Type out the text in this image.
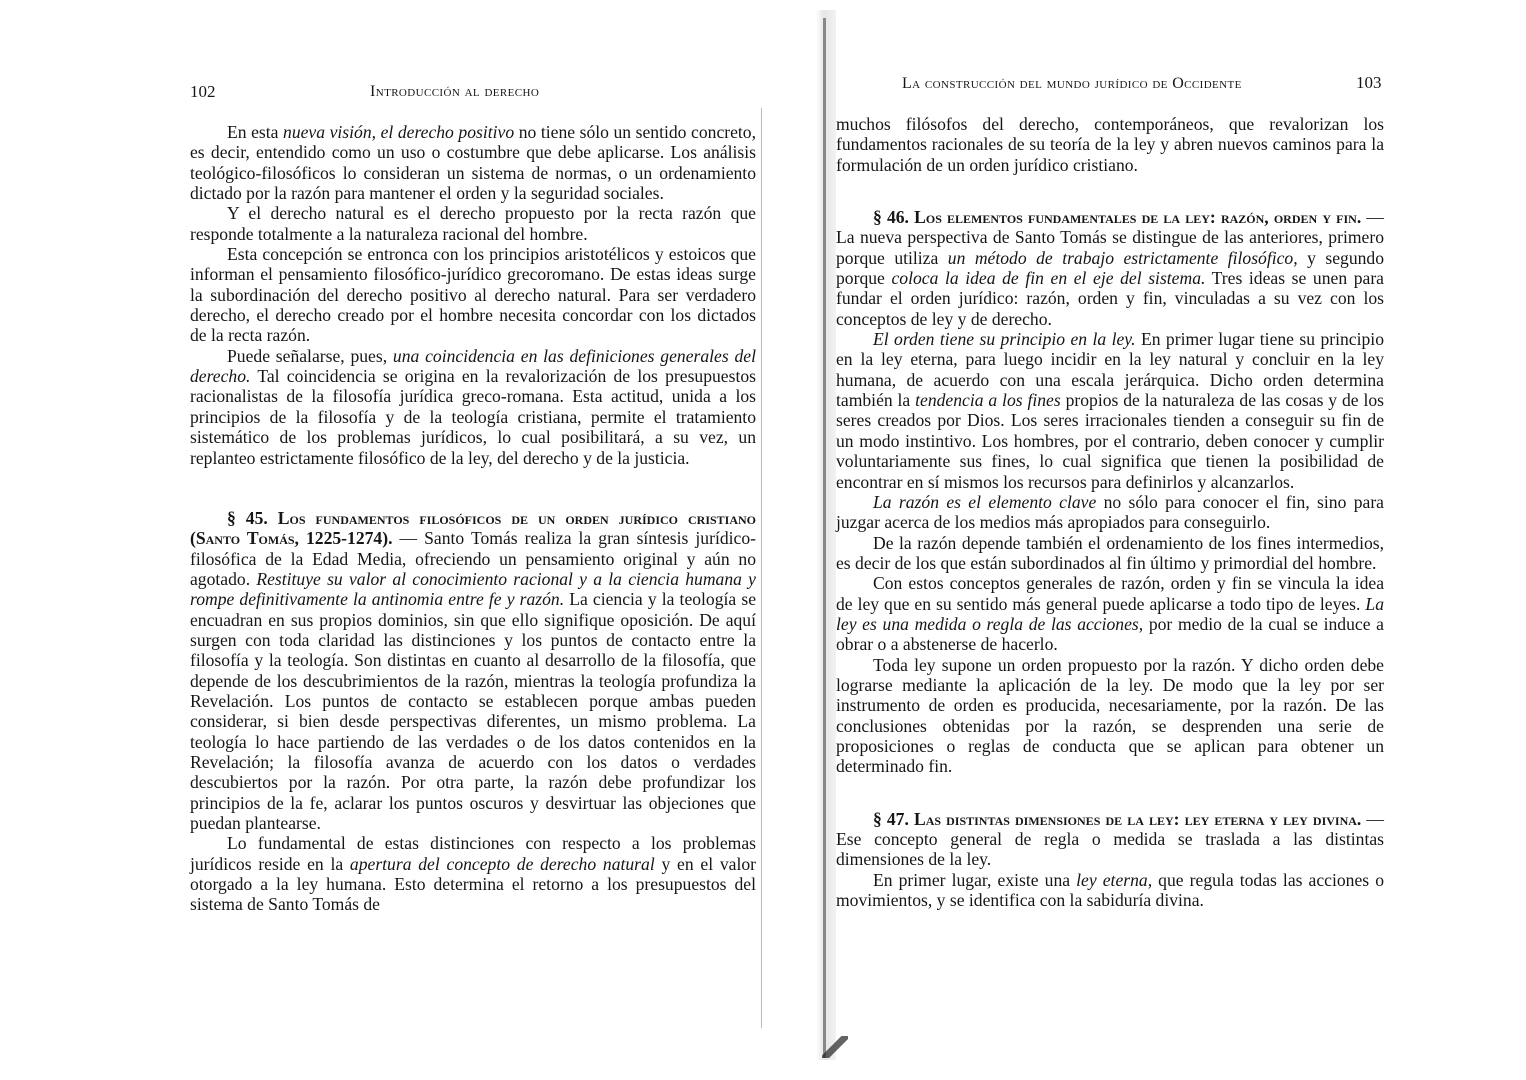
102	Introducción al derecho

En esta nueva visión, el derecho positivo no tiene sólo un sentido concreto, es decir, entendido como un uso o costumbre que debe aplicarse. Los análisis teológico-filosóficos lo consideran un sistema de normas, o un ordenamiento dictado por la razón para mantener el orden y la seguridad sociales.

Y el derecho natural es el derecho propuesto por la recta razón que responde totalmente a la naturaleza racional del hombre.

Esta concepción se entronca con los principios aristotélicos y estoicos que informan el pensamiento filosófico-jurídico grecoromano. De estas ideas surge la subordinación del derecho positivo al derecho natural. Para ser verdadero derecho, el derecho creado por el hombre necesita concordar con los dictados de la recta razón.

Puede señalarse, pues, una coincidencia en las definiciones generales del derecho. Tal coincidencia se origina en la revalorización de los presupuestos racionalistas de la filosofía jurídica greco-romana. Esta actitud, unida a los principios de la filosofía y de la teología cristiana, permite el tratamiento sistemático de los problemas jurídicos, lo cual posibilitará, a su vez, un replanteo estrictamente filosófico de la ley, del derecho y de la justicia.

§ 45. Los fundamentos filosóficos de un orden jurídico cristiano (Santo Tomás, 1225-1274). — Santo Tomás realiza la gran síntesis jurídico-filosófica de la Edad Media, ofreciendo un pensamiento original y aún no agotado. Restituye su valor al conocimiento racional y a la ciencia humana y rompe definitivamente la antinomia entre fe y razón. La ciencia y la teología se encuadran en sus propios dominios, sin que ello signifique oposición. De aquí surgen con toda claridad las distinciones y los puntos de contacto entre la filosofía y la teología. Son distintas en cuanto al desarrollo de la filosofía, que depende de los descubrimientos de la razón, mientras la teología profundiza la Revelación. Los puntos de contacto se establecen porque ambas pueden considerar, si bien desde perspectivas diferentes, un mismo problema. La teología lo hace partiendo de las verdades o de los datos contenidos en la Revelación; la filosofía avanza de acuerdo con los datos o verdades descubiertos por la razón. Por otra parte, la razón debe profundizar los principios de la fe, aclarar los puntos oscuros y desvirtuar las objeciones que puedan plantearse.

Lo fundamental de estas distinciones con respecto a los problemas jurídicos reside en la apertura del concepto de derecho natural y en el valor otorgado a la ley humana. Esto determina el retorno a los presupuestos del sistema de Santo Tomás de

La construcción del mundo jurídico de Occidente	103

muchos filósofos del derecho, contemporáneos, que revalorizan los fundamentos racionales de su teoría de la ley y abren nuevos caminos para la formulación de un orden jurídico cristiano.

§ 46. Los elementos fundamentales de la ley: razón, orden y fin. — La nueva perspectiva de Santo Tomás se distingue de las anteriores, primero porque utiliza un método de trabajo estrictamente filosófico, y segundo porque coloca la idea de fin en el eje del sistema. Tres ideas se unen para fundar el orden jurídico: razón, orden y fin, vinculadas a su vez con los conceptos de ley y de derecho.

El orden tiene su principio en la ley. En primer lugar tiene su principio en la ley eterna, para luego incidir en la ley natural y concluir en la ley humana, de acuerdo con una escala jerárquica. Dicho orden determina también la tendencia a los fines propios de la naturaleza de las cosas y de los seres creados por Dios. Los seres irracionales tienden a conseguir su fin de un modo instintivo. Los hombres, por el contrario, deben conocer y cumplir voluntariamente sus fines, lo cual significa que tienen la posibilidad de encontrar en sí mismos los recursos para definirlos y alcanzarlos.

La razón es el elemento clave no sólo para conocer el fin, sino para juzgar acerca de los medios más apropiados para conseguirlo.

De la razón depende también el ordenamiento de los fines intermedios, es decir de los que están subordinados al fin último y primordial del hombre.

Con estos conceptos generales de razón, orden y fin se vincula la idea de ley que en su sentido más general puede aplicarse a todo tipo de leyes. La ley es una medida o regla de las acciones, por medio de la cual se induce a obrar o a abstenerse de hacerlo.

Toda ley supone un orden propuesto por la razón. Y dicho orden debe lograrse mediante la aplicación de la ley. De modo que la ley por ser instrumento de orden es producida, necesariamente, por la razón. De las conclusiones obtenidas por la razón, se desprenden una serie de proposiciones o reglas de conducta que se aplican para obtener un determinado fin.

§ 47. Las distintas dimensiones de la ley: ley eterna y ley divina. — Ese concepto general de regla o medida se traslada a las distintas dimensiones de la ley.

En primer lugar, existe una ley eterna, que regula todas las acciones o movimientos, y se identifica con la sabiduría divina.
